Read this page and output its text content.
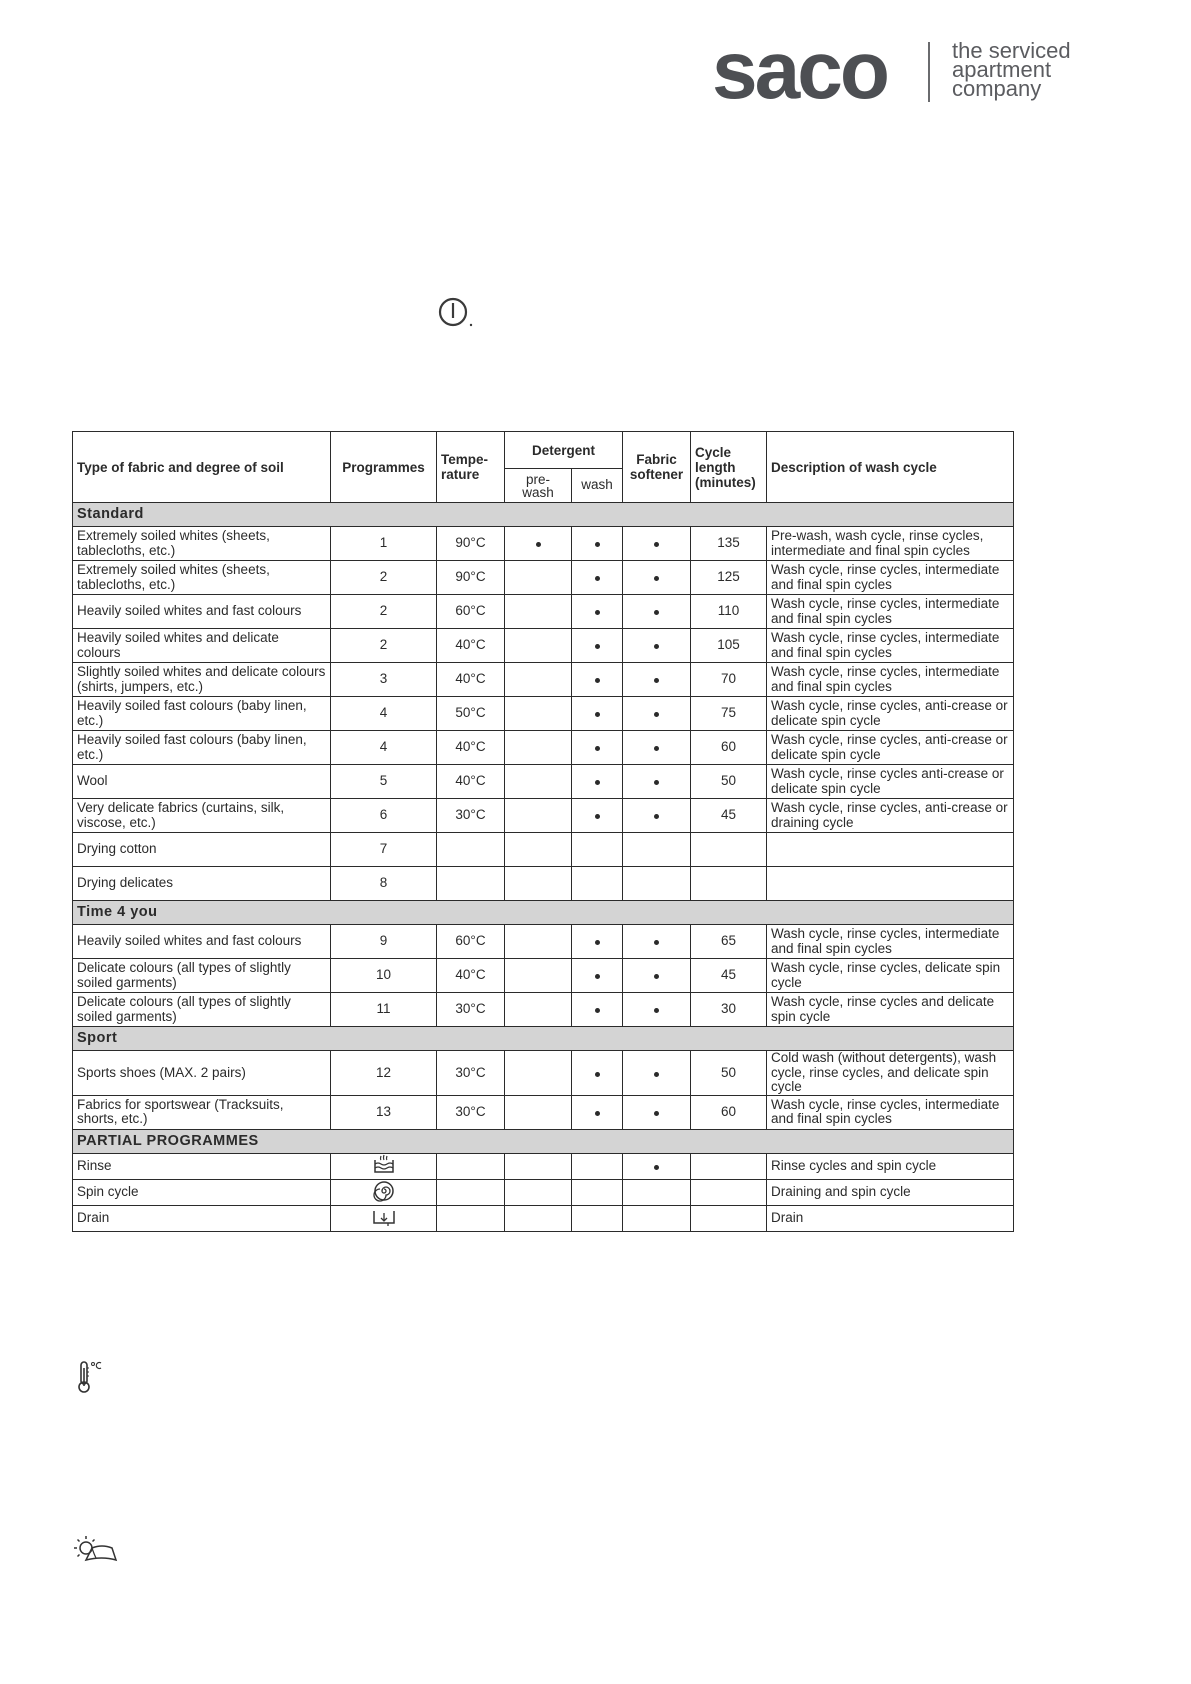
saco	the serviced apartment company
Type of fabric and degree of soil	Programmes	Tempe- rature	Detergent		Fabric softener	Cycle length (minutes)	Description of wash cycle
			pre- wash	wash			
Standard							
Extremely soiled whites (sheets, tablecloths, etc.)	1	90°C				135	Pre-wash, wash cycle, rinse cycles, intermediate and final spin cycles
Extremely soiled whites (sheets, tablecloths, etc.)	2	90°C				125	Wash cycle, rinse cycles, intermediate and final spin cycles
Heavily soiled whites and fast colours	2	60°C				110	Wash cycle, rinse cycles, intermediate and final spin cycles
Heavily soiled whites and delicate colours	2	40°C				105	Wash cycle, rinse cycles, intermediate and final spin cycles
Slightly soiled whites and delicate colours (shirts, jumpers, etc.)	3	40°C				70	Wash cycle, rinse cycles, intermediate and final spin cycles
Heavily soiled fast colours (baby linen, etc.)	4	50°C				75	Wash cycle, rinse cycles, anti-crease or delicate spin cycle
Heavily soiled fast colours (baby linen, etc.)	4	40°C				60	Wash cycle, rinse cycles, anti-crease or delicate spin cycle
Wool	5	40°C				50	Wash cycle, rinse cycles anti-crease or delicate spin cycle
Very delicate fabrics (curtains, silk, viscose, etc.)	6	30°C				45	Wash cycle, rinse cycles, anti-crease or draining cycle
Drying cotton	7						
Drying delicates	8						
Time 4 you							
Heavily soiled whites and fast colours	9	60°C				65	Wash cycle, rinse cycles, intermediate and final spin cycles
Delicate colours (all types of slightly soiled garments)	10	40°C				45	Wash cycle, rinse cycles, delicate spin cycle
Delicate colours (all types of slightly soiled garments)	11	30°C				30	Wash cycle, rinse cycles and delicate spin cycle
Sport							
Sports shoes (MAX. 2 pairs)	12	30°C				50	Cold wash (without detergents), wash cycle, rinse cycles, and delicate spin cycle
Fabrics for sportswear (Tracksuits, shorts, etc.)	13	30°C				60	Wash cycle, rinse cycles, intermediate and final spin cycles
PARTIAL PROGRAMMES							
Rinse							Rinse cycles and spin cycle
Spin cycle							Draining and spin cycle
Drain							Drain
